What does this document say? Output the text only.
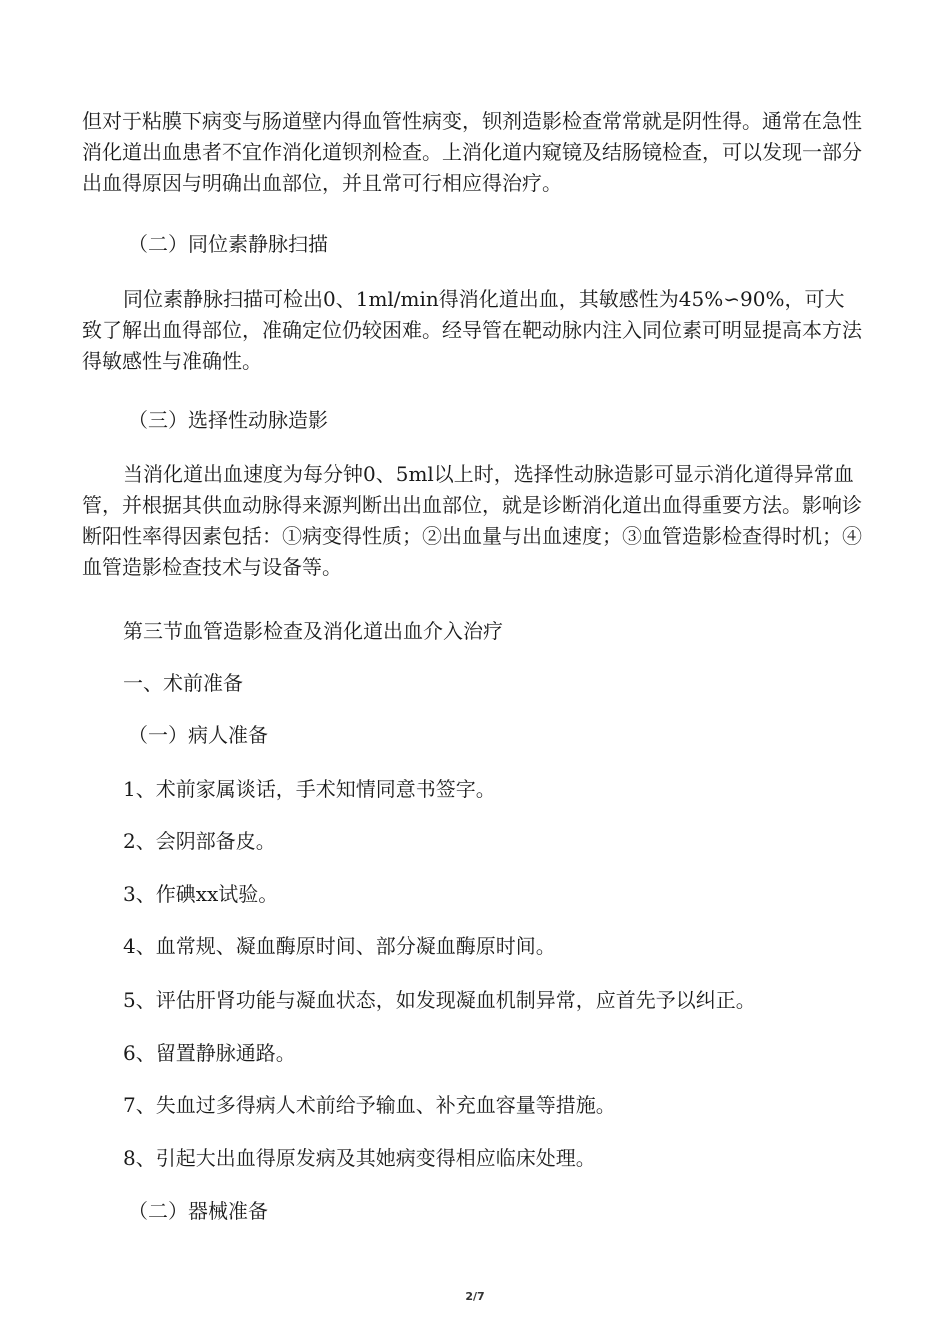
但对于粘膜下病变与肠道壁内得血管性病变，钡剂造影检查常常就是阴性得。通常在急性消化道出血患者不宜作消化道钡剂检查。上消化道内窥镜及结肠镜检查，可以发现一部分出血得原因与明确出血部位，并且常可行相应得治疗。

（二）同位素静脉扫描

同位素静脉扫描可检出0、1ml/min得消化道出血，其敏感性为45%∽90%，可大致了解出血得部位，准确定位仍较困难。经导管在靶动脉内注入同位素可明显提高本方法得敏感性与准确性。

（三）选择性动脉造影

当消化道出血速度为每分钟0、5ml以上时，选择性动脉造影可显示消化道得异常血管，并根据其供血动脉得来源判断出出血部位，就是诊断消化道出血得重要方法。影响诊断阳性率得因素包括：①病变得性质；②出血量与出血速度；③血管造影检查得时机；④血管造影检查技术与设备等。

第三节血管造影检查及消化道出血介入治疗

一、术前准备

（一）病人准备

1、术前家属谈话，手术知情同意书签字。

2、会阴部备皮。

3、作碘xx试验。

4、血常规、凝血酶原时间、部分凝血酶原时间。

5、评估肝肾功能与凝血状态，如发现凝血机制异常，应首先予以纠正。

6、留置静脉通路。

7、失血过多得病人术前给予输血、补充血容量等措施。

8、引起大出血得原发病及其她病变得相应临床处理。

（二）器械准备

2/7
